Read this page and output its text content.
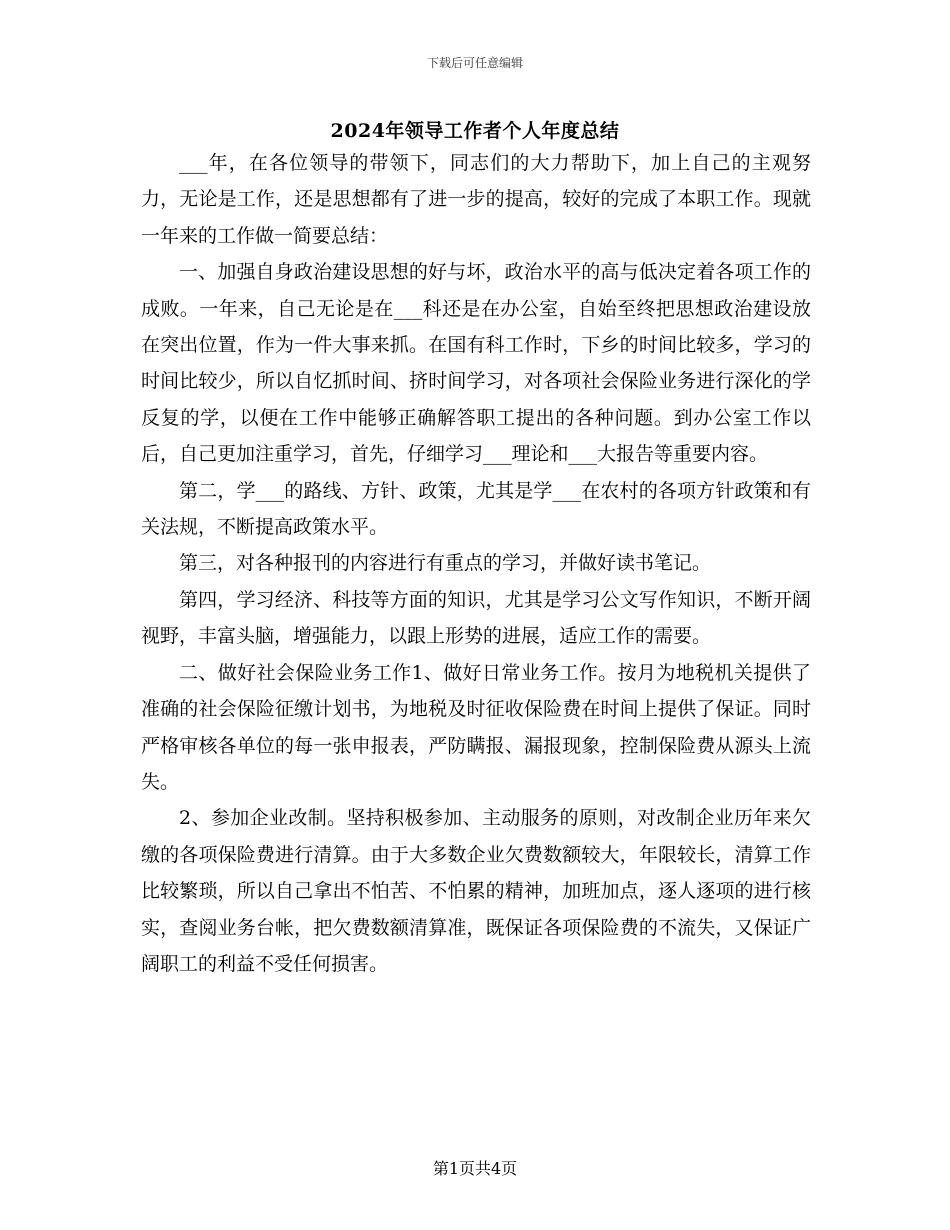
下载后可任意编辑
2024年领导工作者个人年度总结

___年，在各位领导的带领下，同志们的大力帮助下，加上自己的主观努力，无论是工作，还是思想都有了进一步的提高，较好的完成了本职工作。现就一年来的工作做一简要总结：

一、加强自身政治建设思想的好与坏，政治水平的高与低决定着各项工作的成败。一年来，自己无论是在___科还是在办公室，自始至终把思想政治建设放在突出位置，作为一件大事来抓。在国有科工作时，下乡的时间比较多，学习的时间比较少，所以自忆抓时间、挤时间学习，对各项社会保险业务进行深化的学反复的学，以便在工作中能够正确解答职工提出的各种问题。到办公室工作以后，自己更加注重学习，首先，仔细学习___理论和___大报告等重要内容。

第二，学___的路线、方针、政策，尤其是学___在农村的各项方针政策和有关法规，不断提高政策水平。

第三，对各种报刊的内容进行有重点的学习，并做好读书笔记。

第四，学习经济、科技等方面的知识，尤其是学习公文写作知识，不断开阔视野，丰富头脑，增强能力，以跟上形势的进展，适应工作的需要。

二、做好社会保险业务工作1、做好日常业务工作。按月为地税机关提供了准确的社会保险征缴计划书，为地税及时征收保险费在时间上提供了保证。同时严格审核各单位的每一张申报表，严防瞒报、漏报现象，控制保险费从源头上流失。

2、参加企业改制。坚持积极参加、主动服务的原则，对改制企业历年来欠缴的各项保险费进行清算。由于大多数企业欠费数额较大，年限较长，清算工作比较繁琐，所以自己拿出不怕苦、不怕累的精神，加班加点，逐人逐项的进行核实，查阅业务台帐，把欠费数额清算准，既保证各项保险费的不流失，又保证广阔职工的利益不受任何损害。

第1页共4页
